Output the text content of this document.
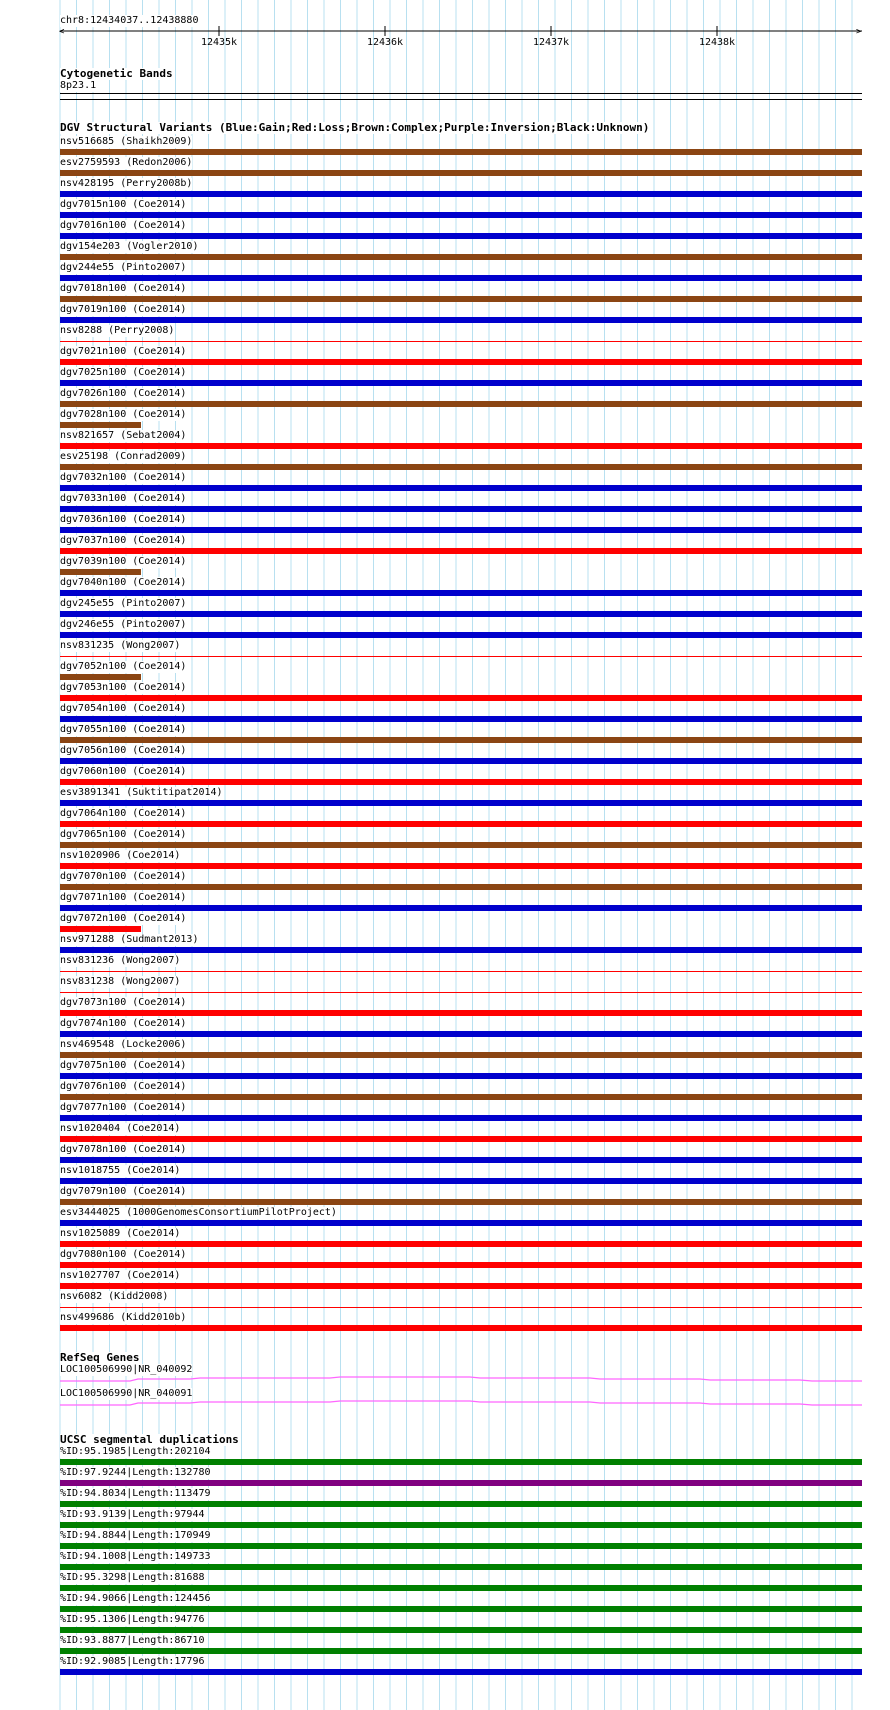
<	>
12435k	12436k	12437k	12438k
chr8:12434037..12438880
Cytogenetic Bands
8p23.1
DGV Structural Variants (Blue:Gain;Red:Loss;Brown:Complex;Purple:Inversion;Black:Unknown)
nsv516685 (Shaikh2009)
esv2759593 (Redon2006)
nsv428195 (Perry2008b)
dgv7015n100 (Coe2014)
dgv7016n100 (Coe2014)
dgv154e203 (Vogler2010)
dgv244e55 (Pinto2007)
dgv7018n100 (Coe2014)
dgv7019n100 (Coe2014)
nsv8288 (Perry2008)
dgv7021n100 (Coe2014)
dgv7025n100 (Coe2014)
dgv7026n100 (Coe2014)
dgv7028n100 (Coe2014)
nsv821657 (Sebat2004)
esv25198 (Conrad2009)
dgv7032n100 (Coe2014)
dgv7033n100 (Coe2014)
dgv7036n100 (Coe2014)
dgv7037n100 (Coe2014)
dgv7039n100 (Coe2014)
dgv7040n100 (Coe2014)
dgv245e55 (Pinto2007)
dgv246e55 (Pinto2007)
nsv831235 (Wong2007)
dgv7052n100 (Coe2014)
dgv7053n100 (Coe2014)
dgv7054n100 (Coe2014)
dgv7055n100 (Coe2014)
dgv7056n100 (Coe2014)
dgv7060n100 (Coe2014)
esv3891341 (Suktitipat2014)
dgv7064n100 (Coe2014)
dgv7065n100 (Coe2014)
nsv1020906 (Coe2014)
dgv7070n100 (Coe2014)
dgv7071n100 (Coe2014)
dgv7072n100 (Coe2014)
nsv971288 (Sudmant2013)
nsv831236 (Wong2007)
nsv831238 (Wong2007)
dgv7073n100 (Coe2014)
dgv7074n100 (Coe2014)
nsv469548 (Locke2006)
dgv7075n100 (Coe2014)
dgv7076n100 (Coe2014)
dgv7077n100 (Coe2014)
nsv1020404 (Coe2014)
dgv7078n100 (Coe2014)
nsv1018755 (Coe2014)
dgv7079n100 (Coe2014)
esv3444025 (1000GenomesConsortiumPilotProject)
nsv1025089 (Coe2014)
dgv7080n100 (Coe2014)
nsv1027707 (Coe2014)
nsv6082 (Kidd2008)
nsv499686 (Kidd2010b)
RefSeq Genes
LOC100506990|NR_040092
LOC100506990|NR_040091
UCSC segmental duplications
%ID:95.1985|Length:202104
%ID:97.9244|Length:132780
%ID:94.8034|Length:113479
%ID:93.9139|Length:97944
%ID:94.8844|Length:170949
%ID:94.1008|Length:149733
%ID:95.3298|Length:81688
%ID:94.9066|Length:124456
%ID:95.1306|Length:94776
%ID:93.8877|Length:86710
%ID:92.9085|Length:17796
